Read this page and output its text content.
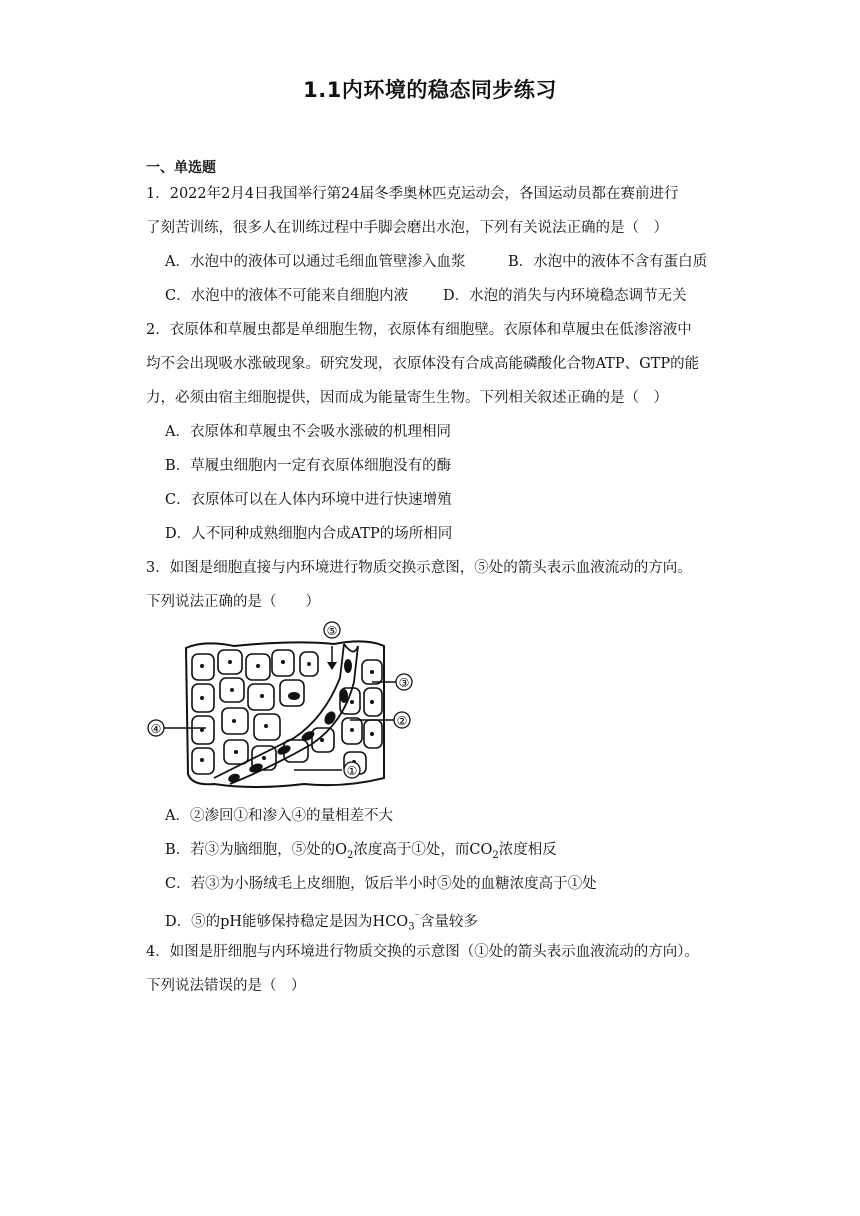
1.1内环境的稳态同步练习
一、单选题
1．2022年2月4日我国举行第24届冬季奥林匹克运动会，各国运动员都在赛前进行
了刻苦训练，很多人在训练过程中手脚会磨出水泡，下列有关说法正确的是（　）
A．水泡中的液体可以通过毛细血管壁渗入血浆	B．水泡中的液体不含有蛋白质
C．水泡中的液体不可能来自细胞内液 D．水泡的消失与内环境稳态调节无关
2．衣原体和草履虫都是单细胞生物，衣原体有细胞壁。衣原体和草履虫在低渗溶液中
均不会出现吸水涨破现象。研究发现，衣原体没有合成高能磷酸化合物ATP、GTP的能
力，必须由宿主细胞提供，因而成为能量寄生生物。下列相关叙述正确的是（　）
A．衣原体和草履虫不会吸水涨破的机理相同
B．草履虫细胞内一定有衣原体细胞没有的酶
C．衣原体可以在人体内环境中进行快速增殖
D．人不同种成熟细胞内合成ATP的场所相同
3．如图是细胞直接与内环境进行物质交换示意图，⑤处的箭头表示血液流动的方向。
下列说法正确的是（　　）
④
③
②
①
⑤
A．②渗回①和渗入④的量相差不大
B．若③为脑细胞，⑤处的$O_2$浓度高于①处，而$CO_2$浓度相反
C．若③为小肠绒毛上皮细胞，饭后半小时⑤处的血糖浓度高于①处
D．⑤的pH能够保持稳定是因为$HCO_3^{^-}$含量较多
4．如图是肝细胞与内环境进行物质交换的示意图（①处的箭头表示血液流动的方向）。
下列说法错误的是（　）
